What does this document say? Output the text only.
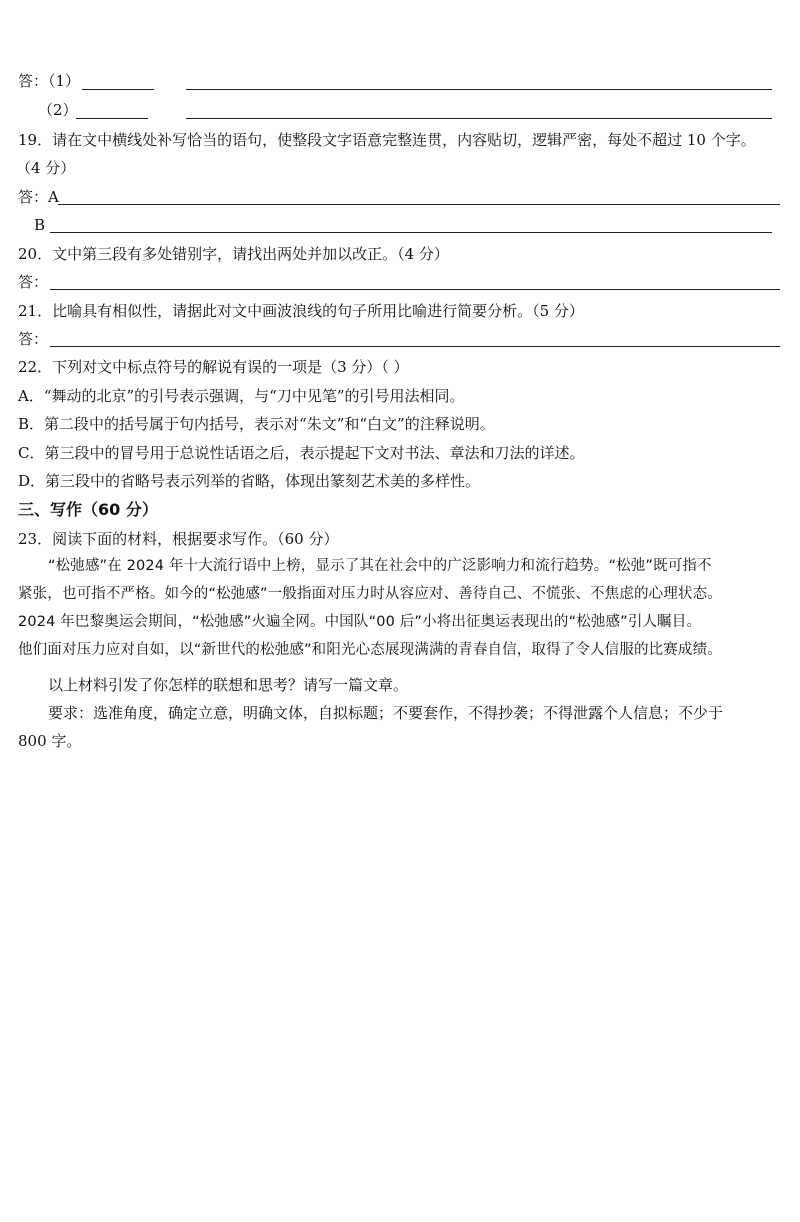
答：（1）
（2）
19．请在文中横线处补写恰当的语句，使整段文字语意完整连贯，内容贴切，逻辑严密，每处不超过 10 个字。
（4 分）
答：A
B
20．文中第三段有多处错别字，请找出两处并加以改正。（4 分）
答：
21．比喻具有相似性，请据此对文中画波浪线的句子所用比喻进行简要分析。（5 分）
答：
22．下列对文中标点符号的解说有误的一项是（3 分）（ ）
A．“舞动的北京”的引号表示强调，与“刀中见笔”的引号用法相同。
B．第二段中的括号属于句内括号，表示对“朱文”和“白文”的注释说明。
C．第三段中的冒号用于总说性话语之后，表示提起下文对书法、章法和刀法的详述。
D．第三段中的省略号表示列举的省略，体现出篆刻艺术美的多样性。
三、写作（60 分）
23．阅读下面的材料，根据要求写作。（60 分）
“松弛感”在 2024 年十大流行语中上榜，显示了其在社会中的广泛影响力和流行趋势。“松弛”既可指不
紧张，也可指不严格。如今的“松弛感”一般指面对压力时从容应对、善待自己、不慌张、不焦虑的心理状态。
2024 年巴黎奥运会期间，“松弛感”火遍全网。中国队“00 后”小将出征奥运表现出的“松弛感”引人瞩目。
他们面对压力应对自如，以“新世代的松弛感”和阳光心态展现满满的青春自信，取得了令人信服的比赛成绩。
以上材料引发了你怎样的联想和思考？请写一篇文章。
要求：选准角度，确定立意，明确文体，自拟标题；不要套作，不得抄袭；不得泄露个人信息；不少于
800 字。
